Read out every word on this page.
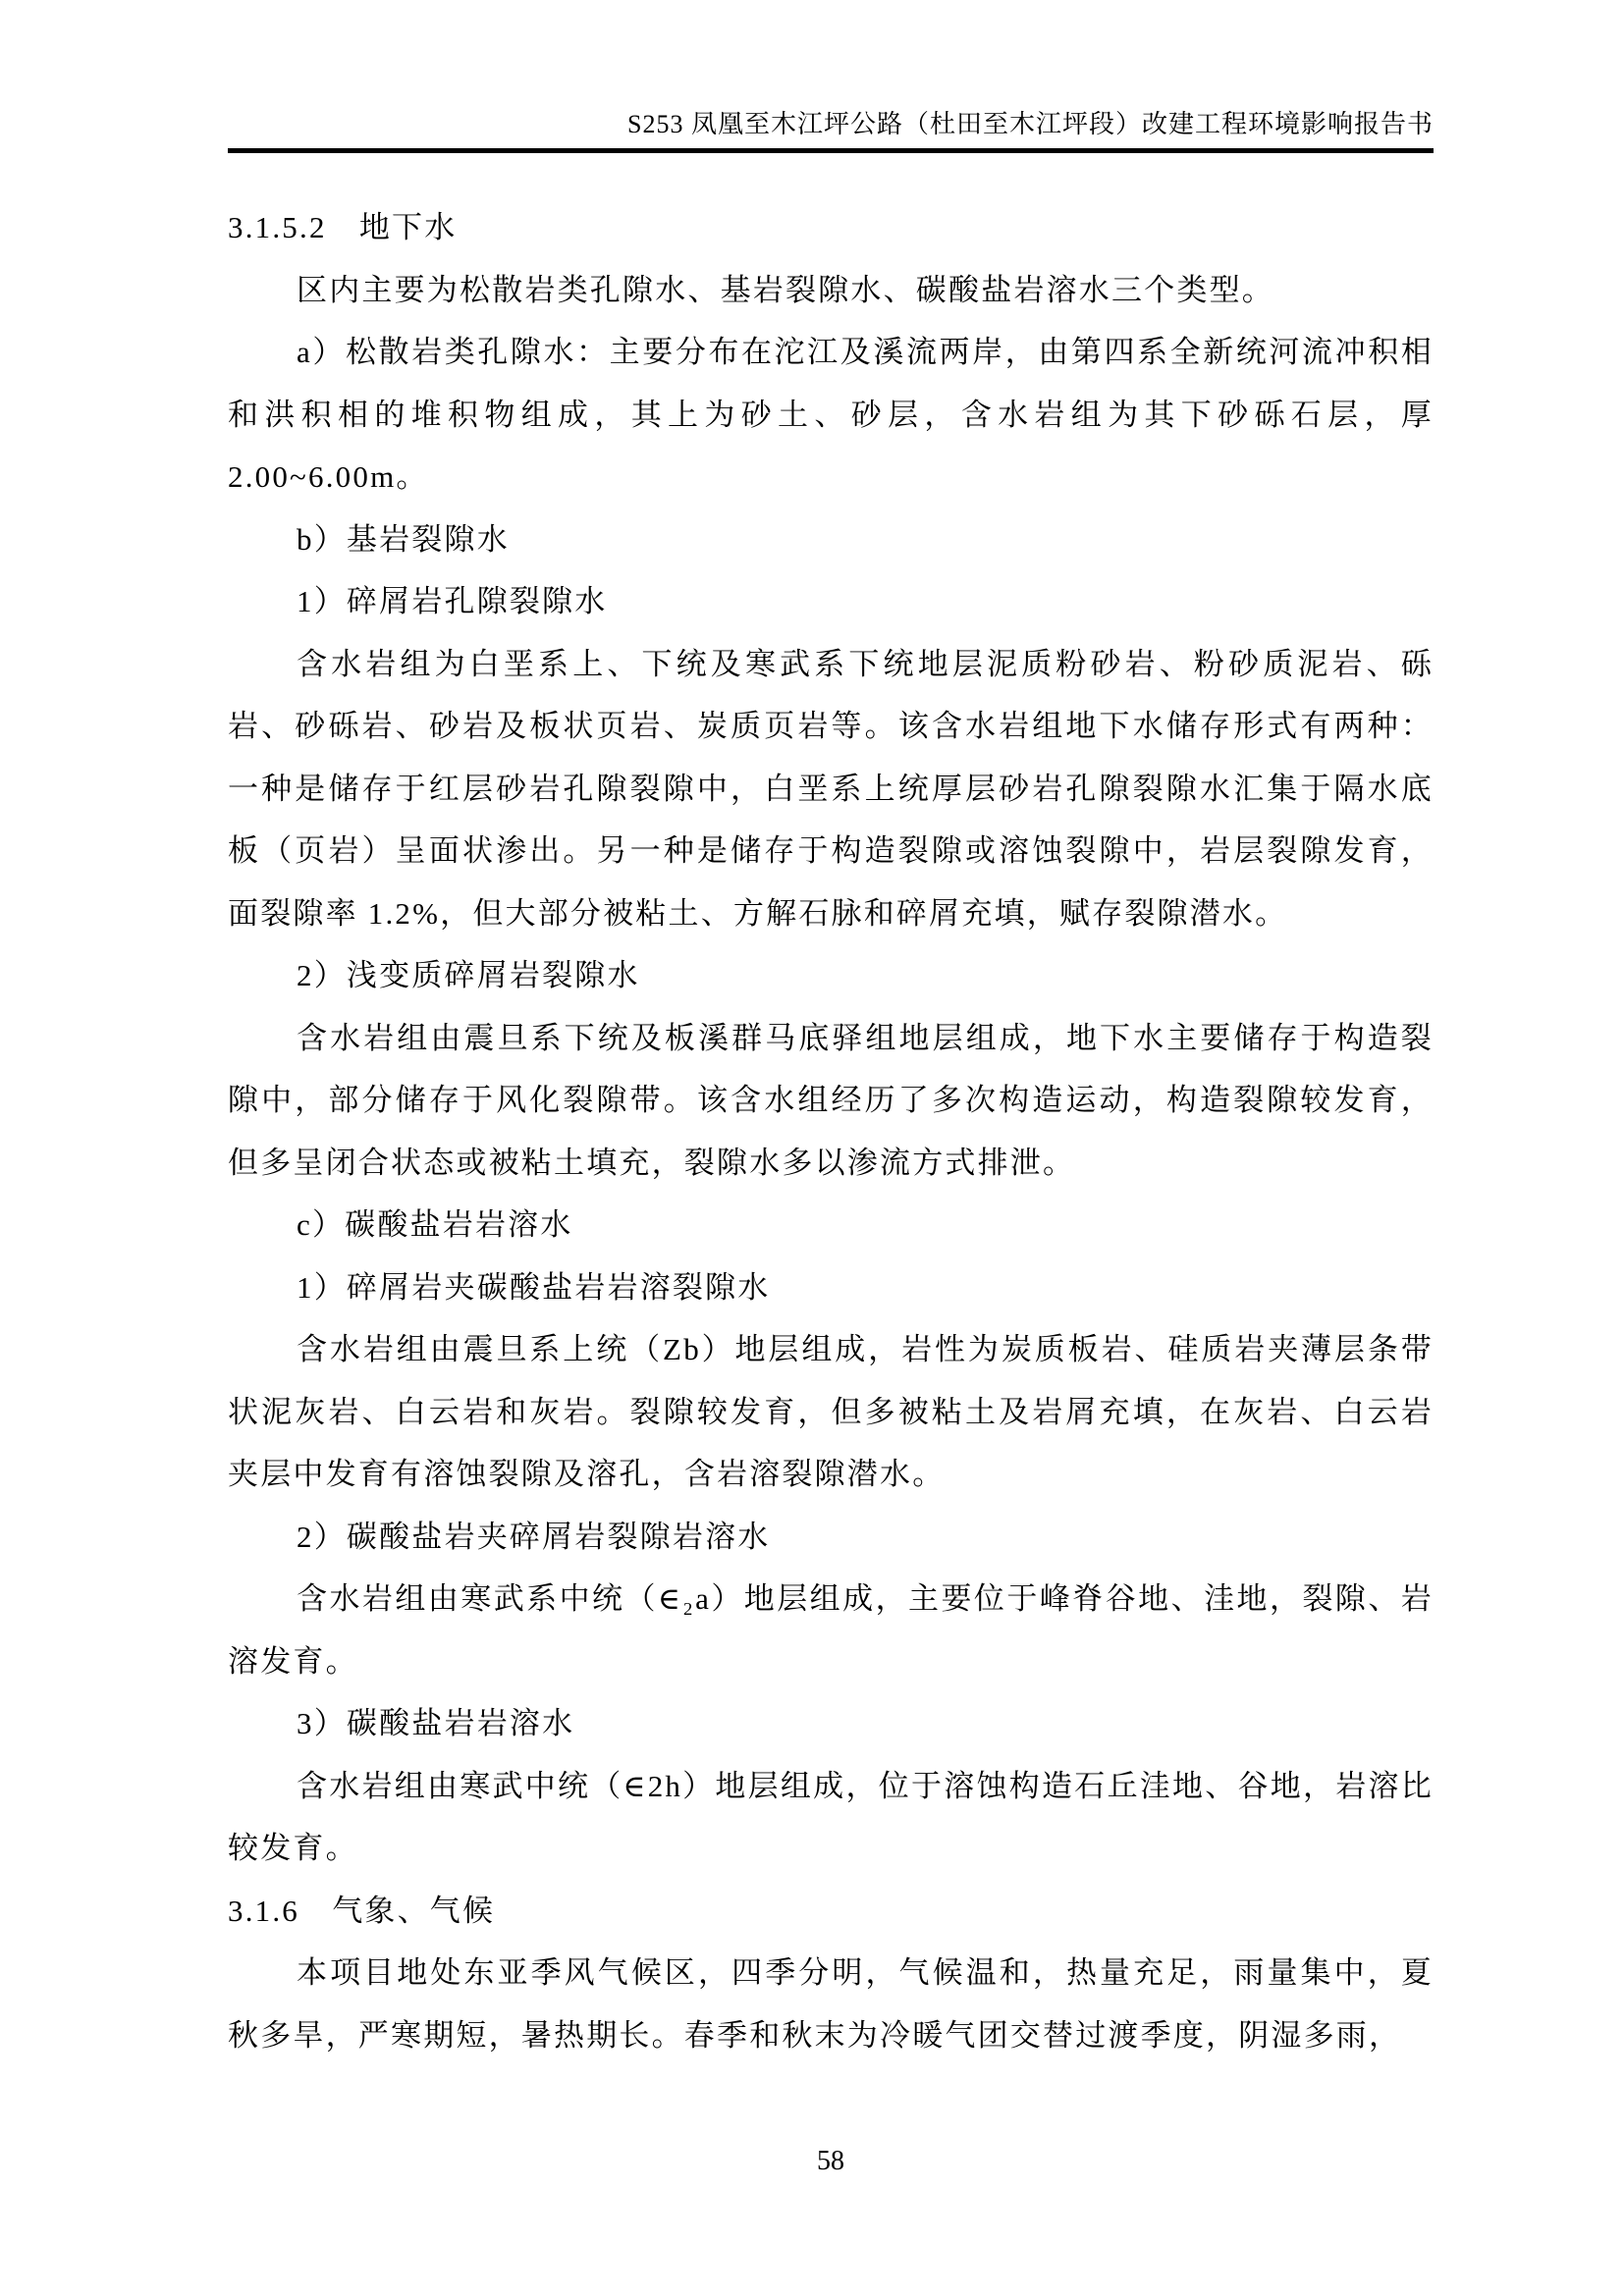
S253 凤凰至木江坪公路（杜田至木江坪段）改建工程环境影响报告书

3.1.5.2　地下水

区内主要为松散岩类孔隙水、基岩裂隙水、碳酸盐岩溶水三个类型。

a）松散岩类孔隙水：主要分布在沱江及溪流两岸，由第四系全新统河流冲积相和洪积相的堆积物组成，其上为砂土、砂层，含水岩组为其下砂砾石层，厚 2.00~6.00m。

b）基岩裂隙水

1）碎屑岩孔隙裂隙水

含水岩组为白垩系上、下统及寒武系下统地层泥质粉砂岩、粉砂质泥岩、砾岩、砂砾岩、砂岩及板状页岩、炭质页岩等。该含水岩组地下水储存形式有两种：一种是储存于红层砂岩孔隙裂隙中，白垩系上统厚层砂岩孔隙裂隙水汇集于隔水底板（页岩）呈面状渗出。另一种是储存于构造裂隙或溶蚀裂隙中，岩层裂隙发育，面裂隙率 1.2%，但大部分被粘土、方解石脉和碎屑充填，赋存裂隙潜水。

2）浅变质碎屑岩裂隙水

含水岩组由震旦系下统及板溪群马底驿组地层组成，地下水主要储存于构造裂隙中，部分储存于风化裂隙带。该含水组经历了多次构造运动，构造裂隙较发育，但多呈闭合状态或被粘土填充，裂隙水多以渗流方式排泄。

c）碳酸盐岩岩溶水

1）碎屑岩夹碳酸盐岩岩溶裂隙水

含水岩组由震旦系上统（Zb）地层组成，岩性为炭质板岩、硅质岩夹薄层条带状泥灰岩、白云岩和灰岩。裂隙较发育，但多被粘土及岩屑充填，在灰岩、白云岩夹层中发育有溶蚀裂隙及溶孔，含岩溶裂隙潜水。

2）碳酸盐岩夹碎屑岩裂隙岩溶水

含水岩组由寒武系中统（∈₂a）地层组成，主要位于峰脊谷地、洼地，裂隙、岩溶发育。

3）碳酸盐岩岩溶水

含水岩组由寒武中统（∈2h）地层组成，位于溶蚀构造石丘洼地、谷地，岩溶比较发育。

3.1.6　气象、气候

本项目地处东亚季风气候区，四季分明，气候温和，热量充足，雨量集中，夏秋多旱，严寒期短，暑热期长。春季和秋末为冷暖气团交替过渡季度，阴湿多雨，

58
